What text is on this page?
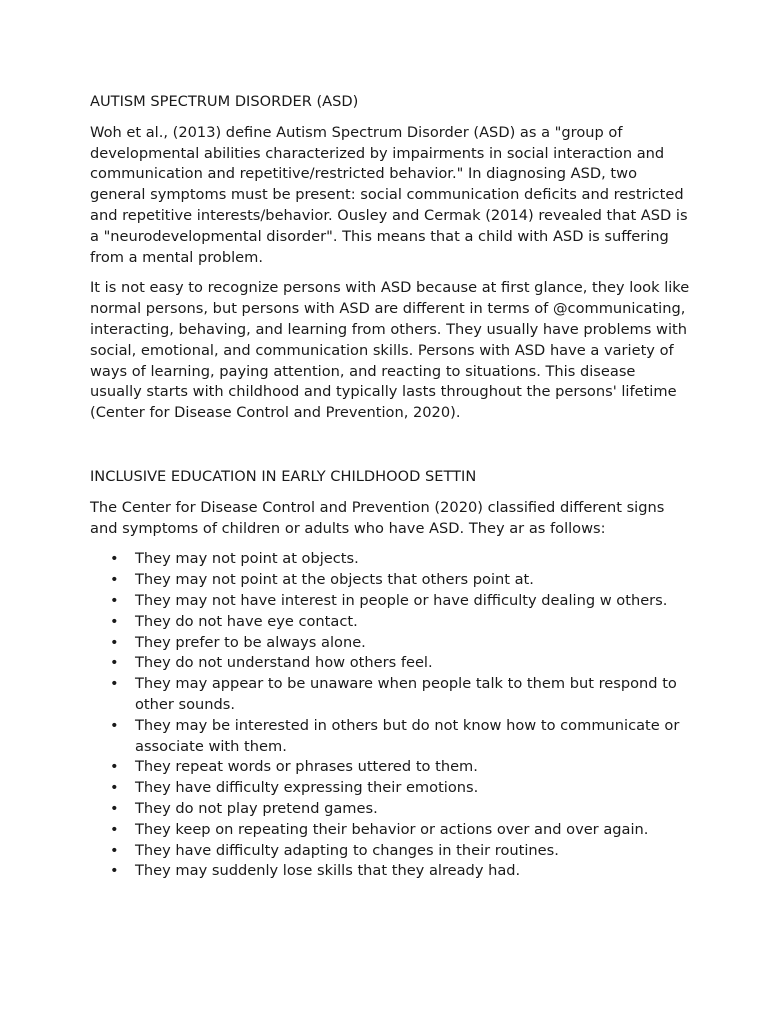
AUTISM SPECTRUM DISORDER (ASD)

Woh et al., (2013) define Autism Spectrum Disorder (ASD) as a "group of developmental abilities characterized by impairments in social interaction and communication and repetitive/restricted behavior." In diagnosing ASD, two general symptoms must be present: social communication deficits and restricted and repetitive interests/behavior. Ousley and Cermak (2014) revealed that ASD is a "neurodevelopmental disorder". This means that a child with ASD is suffering from a mental problem.

It is not easy to recognize persons with ASD because at first glance, they look like normal persons, but persons with ASD are different in terms of @communicating, interacting, behaving, and learning from others. They usually have problems with social, emotional, and communication skills. Persons with ASD have a variety of ways of learning, paying attention, and reacting to situations. This disease usually starts with childhood and typically lasts throughout the persons' lifetime (Center for Disease Control and Prevention, 2020).

INCLUSIVE EDUCATION IN EARLY CHILDHOOD SETTIN

The Center for Disease Control and Prevention (2020) classified different signs and symptoms of children or adults who have ASD. They ar as follows:

• They may not point at objects.
• They may not point at the objects that others point at.
• They may not have interest in people or have difficulty dealing w others.
• They do not have eye contact.
• They prefer to be always alone.
• They do not understand how others feel.
• They may appear to be unaware when people talk to them but respond to other sounds.
• They may be interested in others but do not know how to communicate or associate with them.
• They repeat words or phrases uttered to them.
• They have difficulty expressing their emotions.
• They do not play pretend games.
• They keep on repeating their behavior or actions over and over again.
• They have difficulty adapting to changes in their routines.
• They may suddenly lose skills that they already had.
